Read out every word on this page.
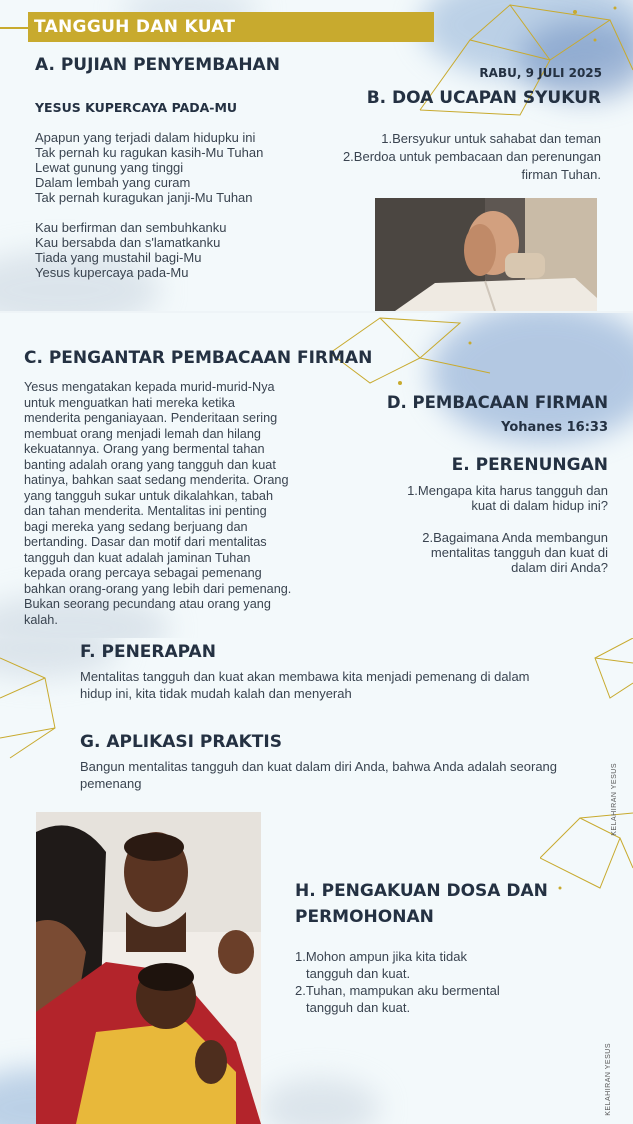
TANGGUH DAN KUAT
A. PUJIAN PENYEMBAHAN
YESUS KUPERCAYA PADA-MU
Apapun yang terjadi dalam hidupku ini
Tak pernah ku ragukan kasih-Mu Tuhan
Lewat gunung yang tinggi
Dalam lembah yang curam
Tak pernah kuragukan janji-Mu Tuhan
Kau berfirman dan sembuhkanku
Kau bersabda dan s'lamatkanku
Tiada yang mustahil bagi-Mu
Yesus kupercaya pada-Mu
RABU, 9 JULI 2025
B. DOA UCAPAN SYUKUR
1.Bersyukur untuk sahabat dan teman
2.Berdoa untuk pembacaan dan perenungan
firman Tuhan.
C. PENGANTAR PEMBACAAN FIRMAN
Yesus mengatakan kepada murid-murid-Nya
untuk menguatkan hati mereka ketika
menderita penganiayaan. Penderitaan sering
membuat orang menjadi lemah dan hilang
kekuatannya. Orang yang bermental tahan
banting adalah orang yang tangguh dan kuat
hatinya, bahkan saat sedang menderita. Orang
yang tangguh sukar untuk dikalahkan, tabah
dan tahan menderita. Mentalitas ini penting
bagi mereka yang sedang berjuang dan
bertanding. Dasar dan motif dari mentalitas
tangguh dan kuat adalah jaminan Tuhan
kepada orang percaya sebagai pemenang
bahkan orang-orang yang lebih dari pemenang.
Bukan seorang pecundang atau orang yang
kalah.
D. PEMBACAAN FIRMAN
Yohanes 16:33
E. PERENUNGAN
1.Mengapa kita harus tangguh dan
kuat di dalam hidup ini?
2.Bagaimana Anda membangun
mentalitas tangguh dan kuat di
dalam diri Anda?
F. PENERAPAN
Mentalitas tangguh dan kuat akan membawa kita menjadi pemenang di dalam
hidup ini, kita tidak mudah kalah dan menyerah
G. APLIKASI PRAKTIS
Bangun mentalitas tangguh dan kuat dalam diri Anda, bahwa Anda adalah seorang
pemenang
H. PENGAKUAN DOSA DAN
PERMOHONAN
1.Mohon ampun jika kita tidak
tangguh dan kuat.
2.Tuhan, mampukan aku bermental
tangguh dan kuat.
KELAHIRAN YESUS
KELAHIRAN YESUS
